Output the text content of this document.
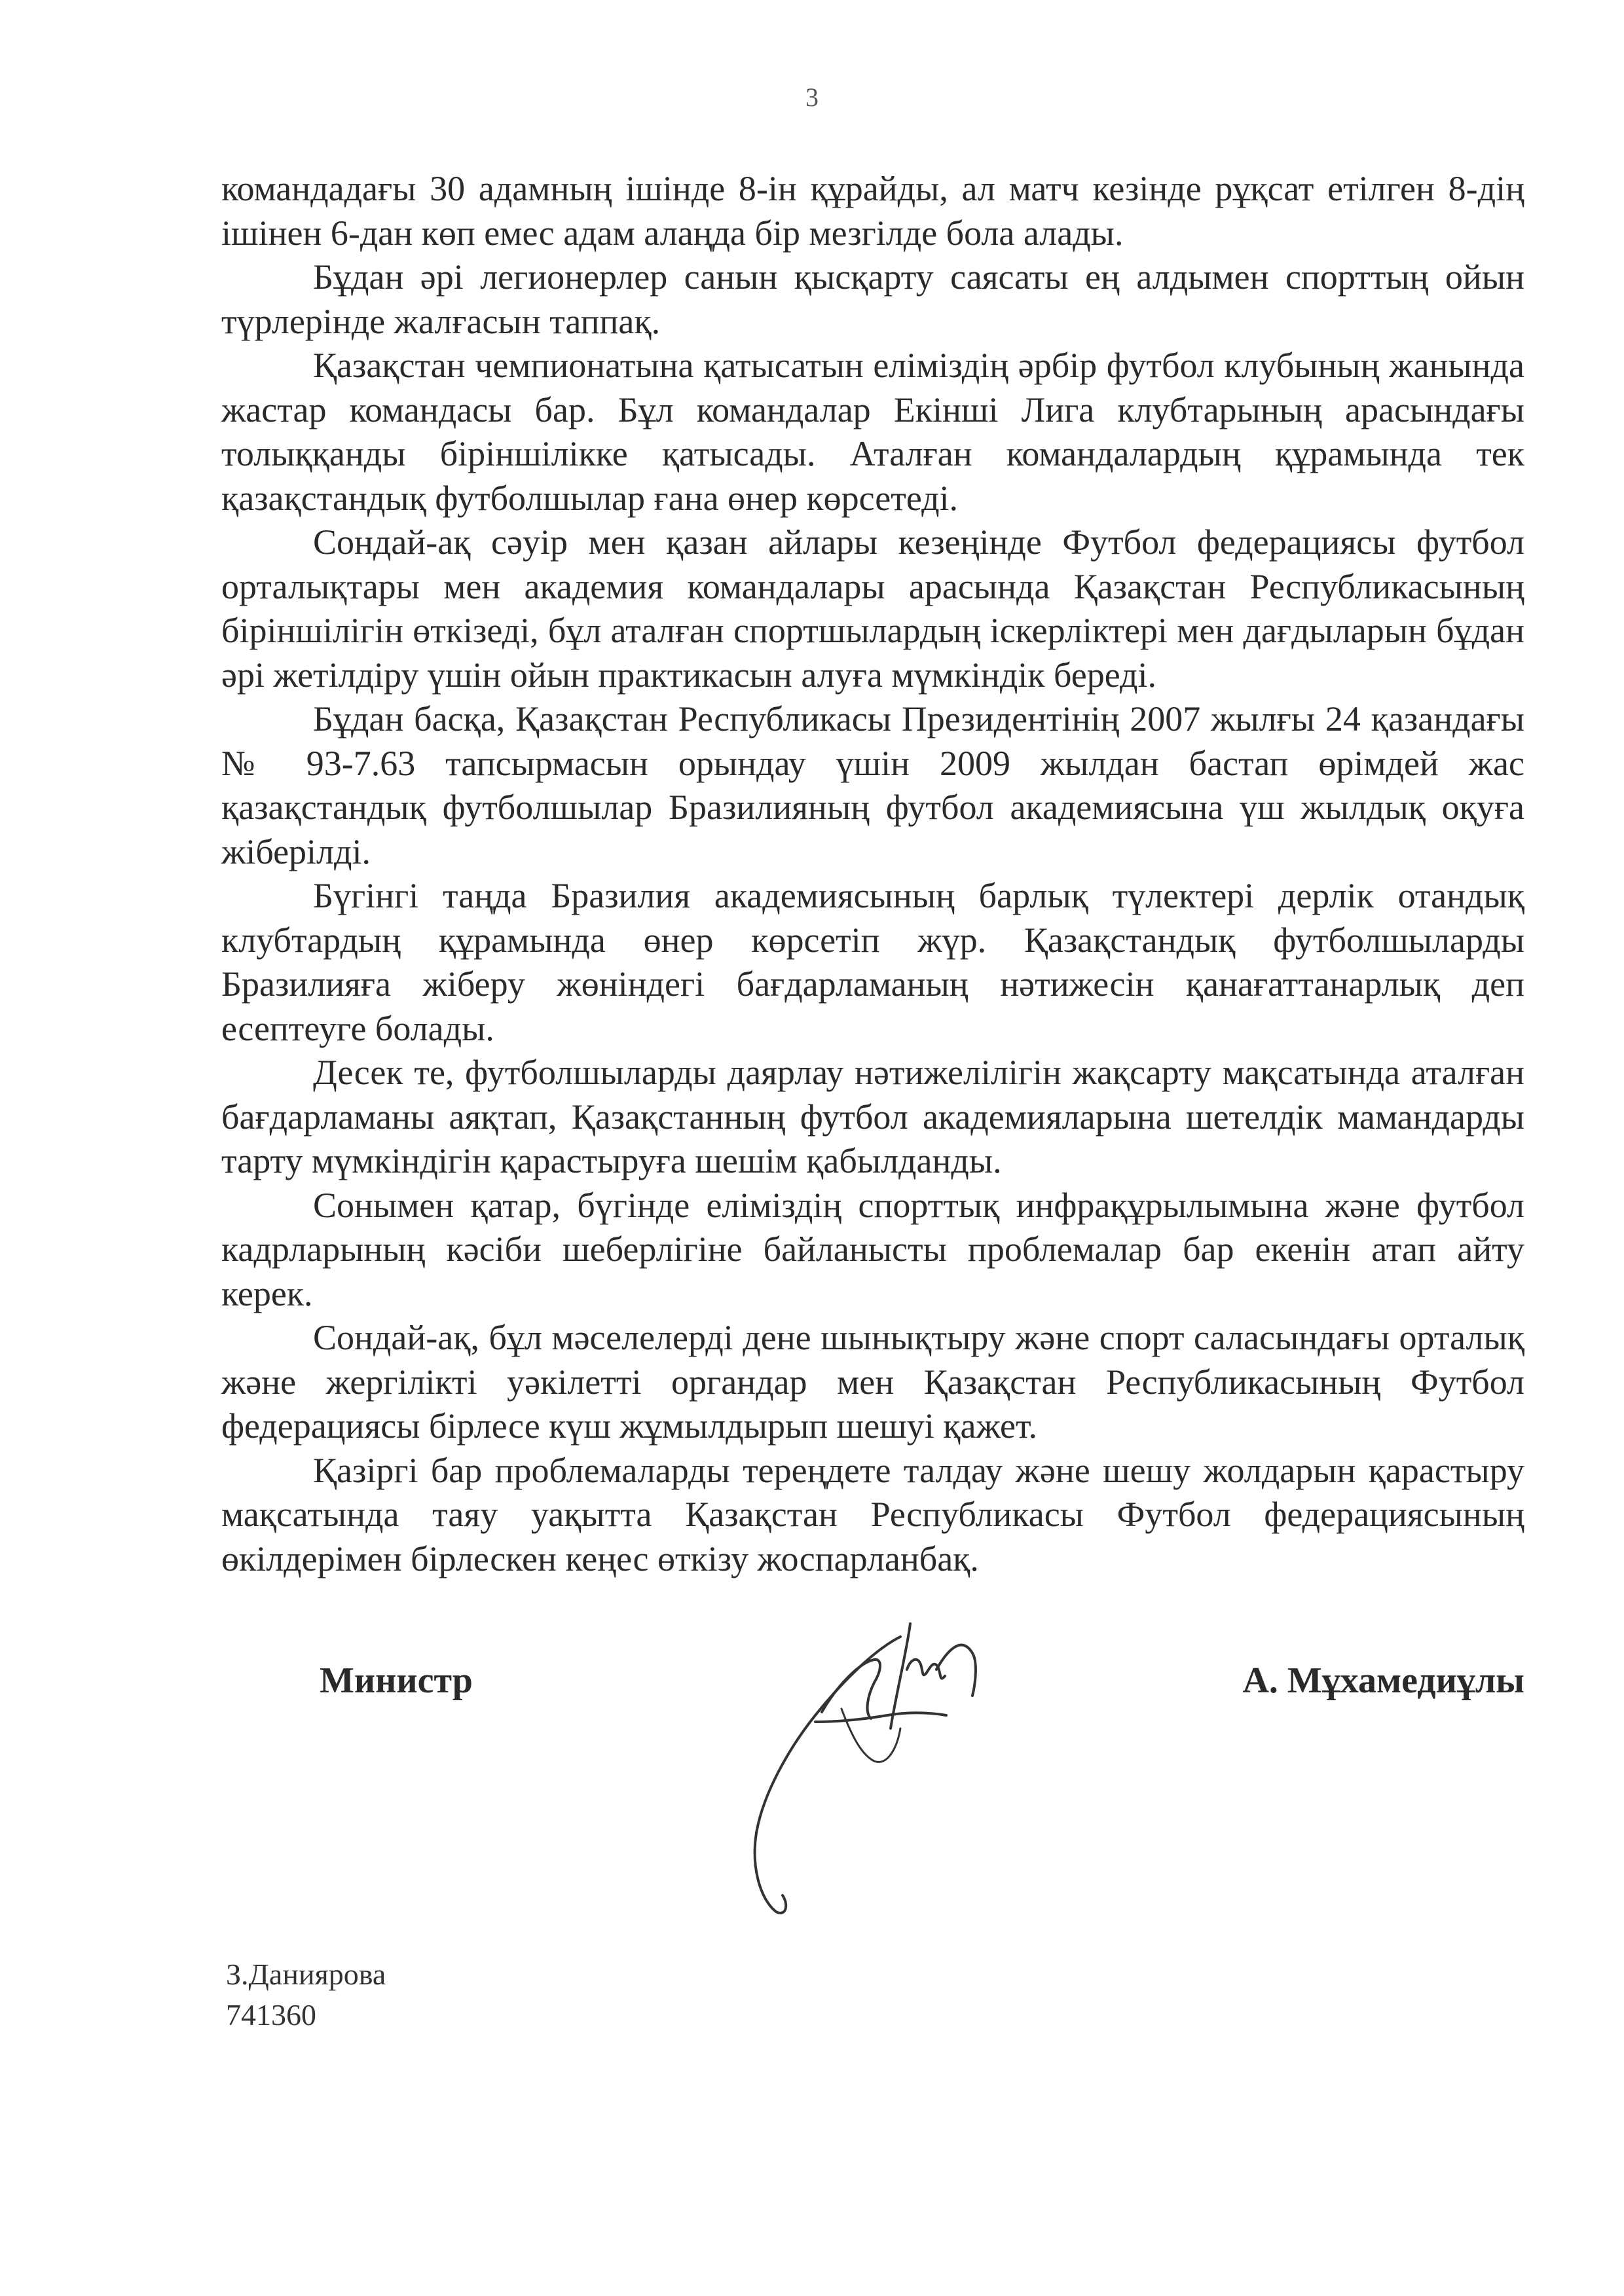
3

командадағы 30 адамның ішінде 8-ін құрайды, ал матч кезінде рұқсат етілген 8-дің ішінен 6-дан көп емес адам алаңда бір мезгілде бола алады.

Бұдан әрі легионерлер санын қысқарту саясаты ең алдымен спорттың ойын түрлерінде жалғасын таппақ.

Қазақстан чемпионатына қатысатын еліміздің әрбір футбол клубының жанында жастар командасы бар. Бұл командалар Екінші Лига клубтарының арасындағы толыққанды біріншілікке қатысады. Аталған командалардың құрамында тек қазақстандық футболшылар ғана өнер көрсетеді.

Сондай-ақ сәуір мен қазан айлары кезеңінде Футбол федерациясы футбол орталықтары мен академия командалары арасында Қазақстан Республикасының біріншілігін өткізеді, бұл аталған спортшылардың іскерліктері мен дағдыларын бұдан әрі жетілдіру үшін ойын практикасын алуға мүмкіндік береді.

Бұдан басқа, Қазақстан Республикасы Президентінің 2007 жылғы 24 қазандағы № 93-7.63 тапсырмасын орындау үшін 2009 жылдан бастап өрімдей жас қазақстандық футболшылар Бразилияның футбол академиясына үш жылдық оқуға жіберілді.

Бүгінгі таңда Бразилия академиясының барлық түлектері дерлік отандық клубтардың құрамында өнер көрсетіп жүр. Қазақстандық футболшыларды Бразилияға жіберу жөніндегі бағдарламаның нәтижесін қанағаттанарлық деп есептеуге болады.

Десек те, футболшыларды даярлау нәтижелілігін жақсарту мақсатында аталған бағдарламаны аяқтап, Қазақстанның футбол академияларына шетелдік мамандарды тарту мүмкіндігін қарастыруға шешім қабылданды.

Сонымен қатар, бүгінде еліміздің спорттық инфрақұрылымына және футбол кадрларының кәсіби шеберлігіне байланысты проблемалар бар екенін атап айту керек.

Сондай-ақ, бұл мәселелерді дене шынықтыру және спорт саласындағы орталық және жергілікті уәкілетті органдар мен Қазақстан Республикасының Футбол федерациясы бірлесе күш жұмылдырып шешуі қажет.

Қазіргі бар проблемаларды тереңдете талдау және шешу жолдарын қарастыру мақсатында таяу уақытта Қазақстан Республикасы Футбол федерациясының өкілдерімен бірлескен кеңес өткізу жоспарланбақ.

Министр	А. Мұхамедиұлы
З.Даниярова
741360
